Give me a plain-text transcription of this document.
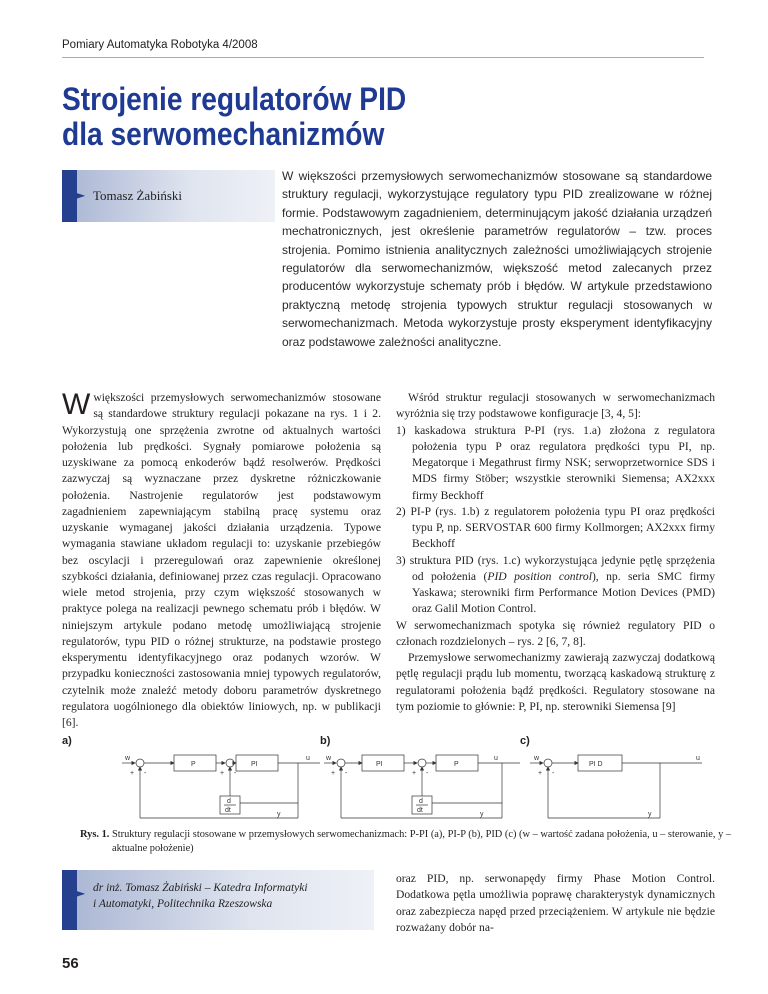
Pomiary Automatyka Robotyka 4/2008
Strojenie regulatorów PID
dla serwomechanizmów
► Tomasz Żabiński
W większości przemysłowych serwomechanizmów stosowane są standardowe struktury regulacji, wykorzystujące regulatory typu PID zrealizowane w różnej formie. Podstawowym zagadnieniem, determinującym jakość działania urządzeń mechatronicznych, jest określenie parametrów regulatorów – tzw. proces strojenia. Pomimo istnienia analitycznych zależności umożliwiających strojenie regulatorów dla serwomechanizmów, większość metod zalecanych przez producentów wykorzystuje schematy prób i błędów. W artykule przedstawiono praktyczną metodę strojenia typowych struktur regulacji stosowanych w serwomechanizmach. Metoda wykorzystuje prosty eksperyment identyfikacyjny oraz podstawowe zależności analityczne.
Wwiększości przemysłowych serwomechanizmów stosowane są standardowe struktury regulacji pokazane na rys. 1 i 2. Wykorzystują one sprzężenia zwrotne od aktualnych wartości położenia lub prędkości. Sygnały pomiarowe położenia są uzyskiwane za pomocą enkoderów bądź resolwerów. Prędkości zazwyczaj są wyznaczane przez dyskretne różniczkowanie położenia. Nastrojenie regulatorów jest podstawowym zagadnieniem zapewniającym stabilną pracę systemu oraz uzyskanie wymaganej jakości działania urządzenia. Typowe wymagania stawiane układom regulacji to: uzyskanie przebiegów bez oscylacji i przeregulowań oraz zapewnienie określonej szybkości działania, definiowanej przez czas regulacji. Opracowano wiele metod strojenia, przy czym większość stosowanych w praktyce polega na realizacji pewnego schematu prób i błędów. W niniejszym artykule podano metodę umożliwiającą strojenie regulatorów, typu PID o różnej strukturze, na podstawie prostego eksperymentu identyfikacyjnego oraz podanych wzorów. W przypadku konieczności zastosowania mniej typowych regulatorów, czytelnik może znaleźć metody doboru parametrów dyskretnego regulatora uogólnionego dla obiektów liniowych, np. w publikacji [6].
Wśród struktur regulacji stosowanych w serwomechanizmach wyróżnia się trzy podstawowe konfiguracje [3, 4, 5]:
1) kaskadowa struktura P-PI (rys. 1.a) złożona z regulatora położenia typu P oraz regulatora prędkości typu PI, np. Megatorque i Megathrust firmy NSK; serwoprzetwornice SDS i MDS firmy Stöber; wszystkie sterowniki Siemensa; AX2xxx firmy Beckhoff
2) PI-P (rys. 1.b) z regulatorem położenia typu PI oraz prędkości typu P, np. SERVOSTAR 600 firmy Kollmorgen; AX2xxx firmy Beckhoff
3) struktura PID (rys. 1.c) wykorzystująca jedynie pętlę sprzężenia od położenia (PID position control), np. seria SMC firmy Yaskawa; sterowniki firm Performance Motion Devices (PMD) oraz Galil Motion Control.
W serwomechanizmach spotyka się również regulatory PID o członach rozdzielonych – rys. 2 [6, 7, 8].
Przemysłowe serwomechanizmy zawierają zazwyczaj dodatkową pętlę regulacji prądu lub momentu, tworzącą kaskadową strukturę z regulatorami położenia bądź prędkości. Regulatory stosowane na tym poziomie to głównie: P, PI, np. sterowniki Siemensa [9]
a)	b)	c)
w
+ -
P
+ -
PI
u
d
dt
y
w
+ -
PI
+ -
P
u
d
dt
y
w
+ -
PI D
u
y
Rys. 1. Struktury regulacji stosowane w przemysłowych serwomechanizmach: P-PI (a), PI-P (b), PID (c) (w – wartość zadana położenia, u – sterowanie, y – aktualne położenie)
► dr inż. Tomasz Żabiński – Katedra Informatyki
i Automatyki, Politechnika Rzeszowska
oraz PID, np. serwonapędy firmy Phase Motion Control. Dodatkowa pętla umożliwia poprawę charakterystyk dynamicznych oraz zabezpiecza napęd przed przeciążeniem. W artykule nie będzie rozważany dobór na-
56
